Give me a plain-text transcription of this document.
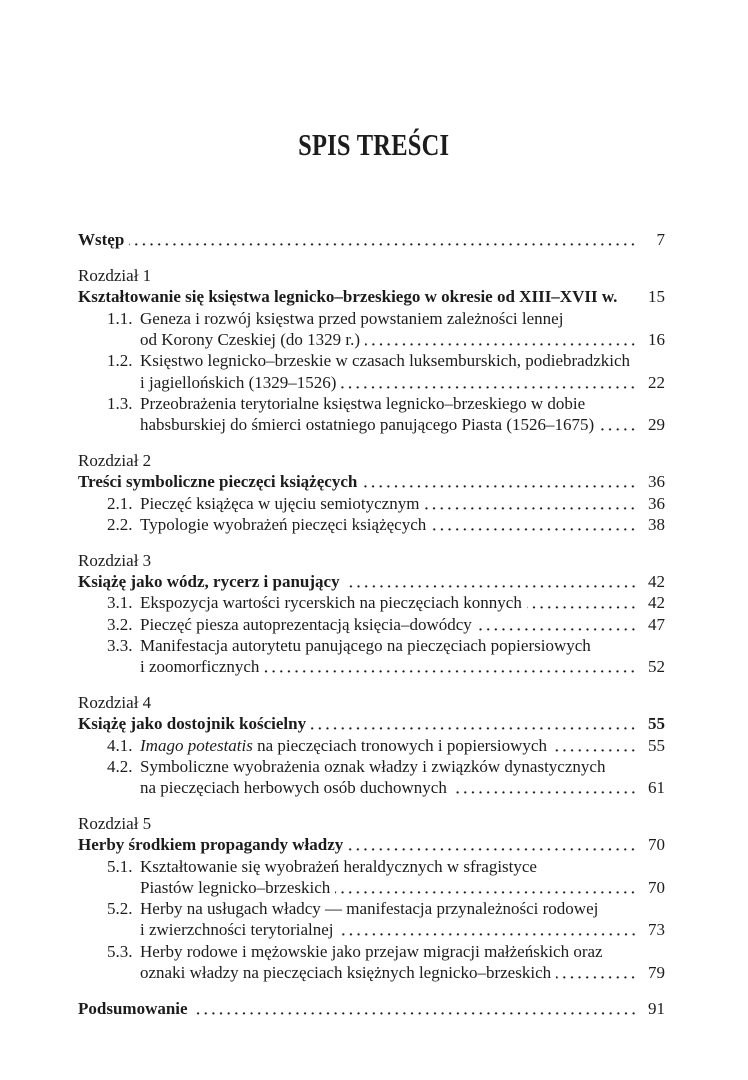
SPIS TREŚCI
Wstęp	7
Rozdział 1
Kształtowanie się księstwa legnicko–brzeskiego w okresie od XIII–XVII w.	15
1.1. Geneza i rozwój księstwa przed powstaniem zależności lennej
od Korony Czeskiej (do 1329 r.)	16
1.2. Księstwo legnicko–brzeskie w czasach luksemburskich, podiebradzkich
i jagiellońskich (1329–1526)	22
1.3. Przeobrażenia terytorialne księstwa legnicko–brzeskiego w dobie
habsburskiej do śmierci ostatniego panującego Piasta (1526–1675)	29
Rozdział 2
Treści symboliczne pieczęci książęcych	36
2.1. Pieczęć książęca w ujęciu semiotycznym	36
2.2. Typologie wyobrażeń pieczęci książęcych	38
Rozdział 3
Książę jako wódz, rycerz i panujący	42
3.1. Ekspozycja wartości rycerskich na pieczęciach konnych	42
3.2. Pieczęć piesza autoprezentacją księcia–dowódcy	47
3.3. Manifestacja autorytetu panującego na pieczęciach popiersiowych
i zoomorficznych	52
Rozdział 4
Książę jako dostojnik kościelny	55
4.1. Imago potestatis na pieczęciach tronowych i popiersiowych	55
4.2. Symboliczne wyobrażenia oznak władzy i związków dynastycznych
na pieczęciach herbowych osób duchownych	61
Rozdział 5
Herby środkiem propagandy władzy	70
5.1. Kształtowanie się wyobrażeń heraldycznych w sfragistyce
Piastów legnicko–brzeskich	70
5.2. Herby na usługach władcy — manifestacja przynależności rodowej
i zwierzchności terytorialnej	73
5.3. Herby rodowe i mężowskie jako przejaw migracji małżeńskich oraz
oznaki władzy na pieczęciach księżnych legnicko–brzeskich	79
Podsumowanie	91
